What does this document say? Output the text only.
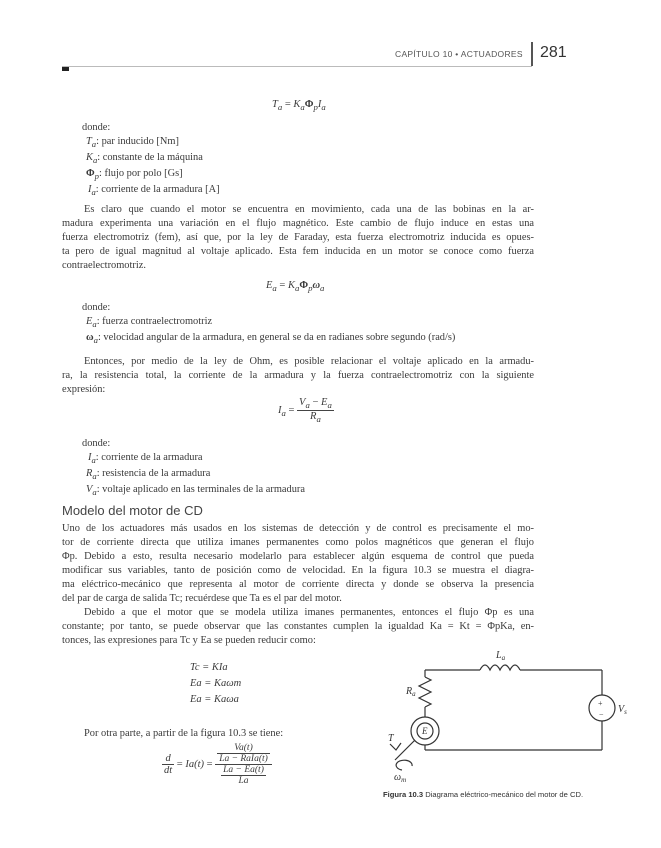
CAPÍTULO 10 • ACTUADORES 281
$T_a = K_a\Phi_pI_a$
donde:
$T_a$: par inducido [Nm]
$K_a$: constante de la máquina
$\Phi_p$: flujo por polo [Gs]
$I_a$: corriente de la armadura [A]
Es claro que cuando el motor se encuentra en movimiento, cada una de las bobinas en la ar-
madura experimenta una variación en el flujo magnético. Este cambio de flujo induce en estas una
fuerza electromotriz (fem), así que, por la ley de Faraday, esta fuerza electromotriz inducida es opues-
ta pero de igual magnitud al voltaje aplicado. Esta fem inducida en un motor se conoce como fuerza
contraelectromotriz.
$E_a = K_a\Phi_p\omega_a$
donde:
$E_a$: fuerza contraelectromotriz
$\omega_a$: velocidad angular de la armadura, en general se da en radianes sobre segundo (rad/s)
Entonces, por medio de la ley de Ohm, es posible relacionar el voltaje aplicado en la armadu-
ra, la resistencia total, la corriente de la armadura y la fuerza contraelectromotriz con la siguiente
expresión:
$I_a = \frac{V_a - E_a}{R_a}$
donde:
$I_a$: corriente de la armadura
$R_a$: resistencia de la armadura
$V_a$: voltaje aplicado en las terminales de la armadura
Modelo del motor de CD
Uno de los actuadores más usados en los sistemas de detección y de control es precisamente el mo-
tor de corriente directa que utiliza imanes permanentes como polos magnéticos que generan el flujo
Φp. Debido a esto, resulta necesario modelarlo para establecer algún esquema de control que pueda
modificar sus variables, tanto de posición como de velocidad. En la figura 10.3 se muestra el diagra-
ma eléctrico-mecánico que representa al motor de corriente directa y donde se observa la presencia
del par de carga de salida Tc; recuérdese que Ta es el par del motor.
Debido a que el motor que se modela utiliza imanes permanentes, entonces el flujo Φp es una
constante; por tanto, se puede observar que las constantes cumplen la igualdad Ka = Kt = ΦpKa, en-
tonces, las expresiones para Tc y Ea se pueden reducir como:
Tc = KIa
Ea = Kaωm
Ea = Kaωa
Por otra parte, a partir de la figura 10.3 se tiene:
$\frac{d}{dt} = Ia(t) = \frac{\frac{Va(t)}{\text{La − RaIa(t)}}}{\frac{La - Ea(t)}{La}}$
$L_a$
$R_a$
$V_s$
+
−
E
T
$\omega_m$
Figura 10.3 Diagrama eléctrico-mecánico del motor de CD.
